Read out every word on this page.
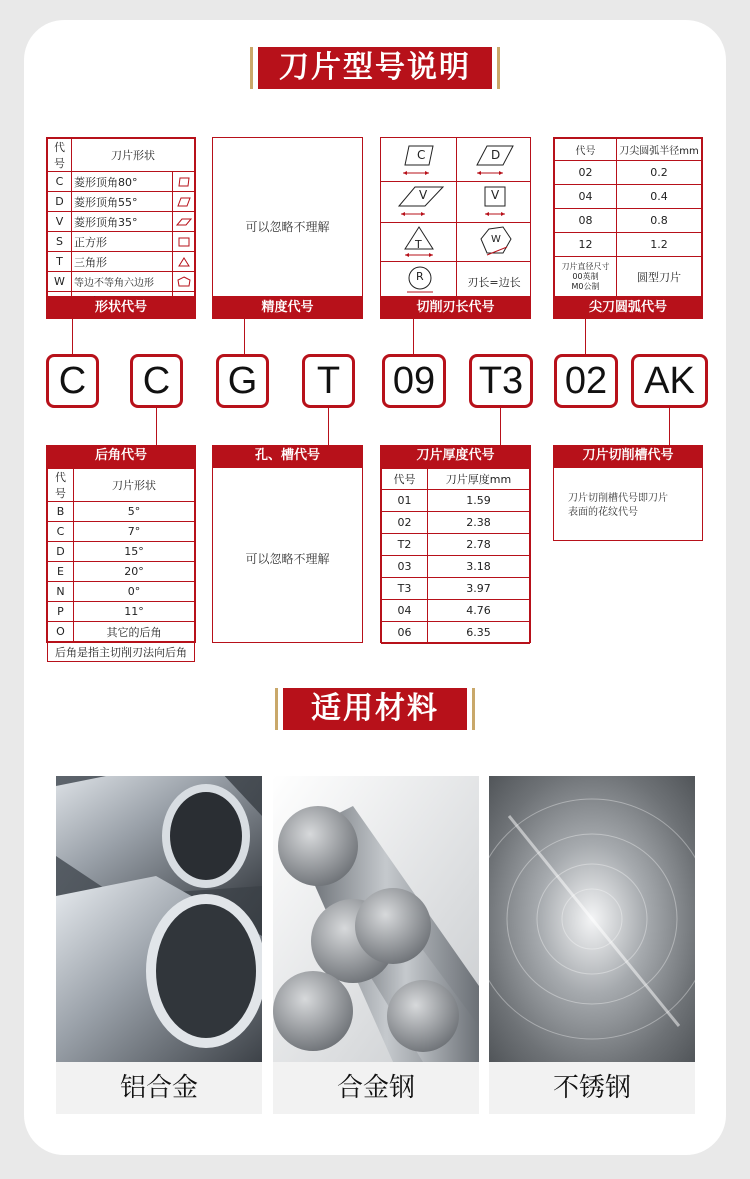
刀片型号说明
代号	刀片形状	
C	菱形顶角80°	
D	菱形顶角55°	
V	菱形顶角35°	
S	正方形	
T	三角形	
W	等边不等角六边形	

形状代号
可以忽略不理解
精度代号
C	D
V	V
T	W
R	刃长=边长
切削刃长代号
代号	刀尖圆弧半径mm
02	0.2
04	0.4
08	0.8
12	1.2

刀片直径尺寸
00英制
M0公制	圆型刀片
尖刀圆弧代号
C	C	G	T	09 T3 02 AK
后角代号
代号	刀片形状
B	5°
C	7°
D	15°
E	20°
N	0°
P	11°
O	其它的后角
后角是指主切削刃法向后角	
孔、槽代号
可以忽略不理解
刀片厚度代号
代号	刀片厚度mm
01	1.59
02	2.38
T2	2.78
03	3.18
T3	3.97
04	4.76
06	6.35
刀片切削槽代号
刀片切削槽代号即刀片
表面的花纹代号
适用材料
铝合金	合金钢	不锈钢
